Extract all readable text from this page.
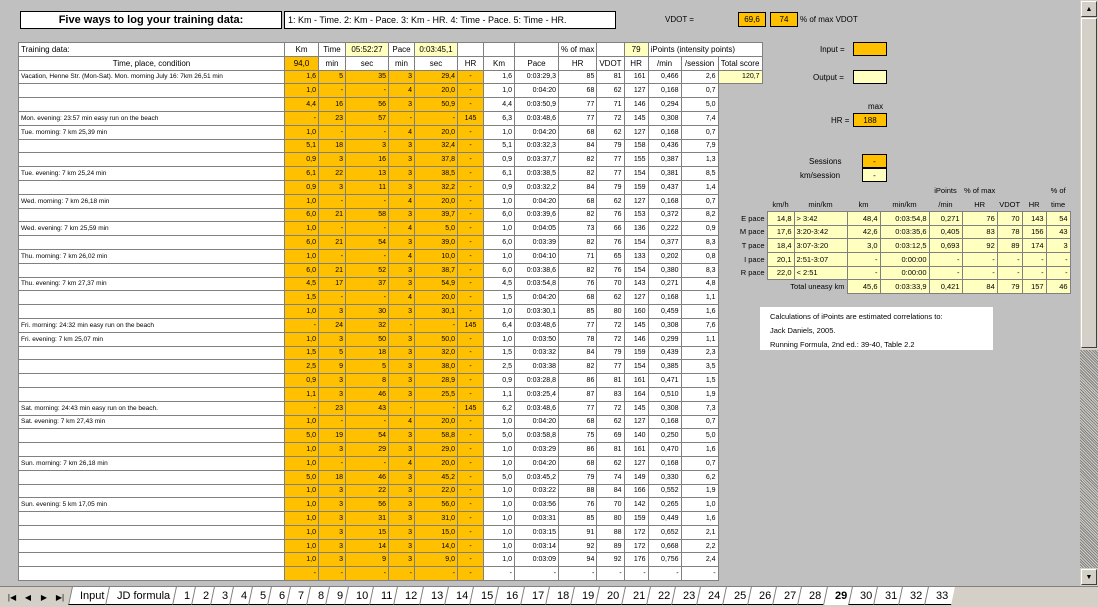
Five ways to log your training data:	1: Km - Time. 2: Km - Pace. 3: Km - HR. 4: Time - Pace. 5: Time - HR.	VDOT =	69,6	74	% of max VDOT
Training data:	Km	Time	05:52:27	Pace	0:03:45,1				% of max		79	iPoints (intensity points)		
Time, place, condition	94,0	min	sec	min	sec	HR	Km	Pace	HR	VDOT	HR	/min	/session	Total score
Vacation, Henne Str. (Mon-Sat). Mon. morning July 16: 7km 26,51 min	1,6	5	35	3	29,4	-	1,6	0:03:29,3	85	81	161	0,466	2,6	120,7
	1,0	-	-	4	20,0	-	1,0	0:04:20	68	62	127	0,168	0,7	
	4,4	16	56	3	50,9	-	4,4	0:03:50,9	77	71	146	0,294	5,0	
Mon. evening: 23:57 min easy run on the beach	-	23	57	-	-	145	6,3	0:03:48,6	77	72	145	0,308	7,4	
Tue. morning: 7 km 25,39 min	1,0	-	-	4	20,0	-	1,0	0:04:20	68	62	127	0,168	0,7	
	5,1	18	3	3	32,4	-	5,1	0:03:32,3	84	79	158	0,436	7,9	
	0,9	3	16	3	37,8	-	0,9	0:03:37,7	82	77	155	0,387	1,3	
Tue. evening: 7 km 25,24 min	6,1	22	13	3	38,5	-	6,1	0:03:38,5	82	77	154	0,381	8,5	
	0,9	3	11	3	32,2	-	0,9	0:03:32,2	84	79	159	0,437	1,4	
Wed. morning: 7 km 26,18 min	1,0	-	-	4	20,0	-	1,0	0:04:20	68	62	127	0,168	0,7	
	6,0	21	58	3	39,7	-	6,0	0:03:39,6	82	76	153	0,372	8,2	
Wed. evening: 7 km 25,59 min	1,0	-	-	4	5,0	-	1,0	0:04:05	73	66	136	0,222	0,9	
	6,0	21	54	3	39,0	-	6,0	0:03:39	82	76	154	0,377	8,3	
Thu. morning: 7 km 26,02 min	1,0	-	-	4	10,0	-	1,0	0:04:10	71	65	133	0,202	0,8	
	6,0	21	52	3	38,7	-	6,0	0:03:38,6	82	76	154	0,380	8,3	
Thu. evening: 7 km 27,37 min	4,5	17	37	3	54,9	-	4,5	0:03:54,8	76	70	143	0,271	4,8	
	1,5	-	-	4	20,0	-	1,5	0:04:20	68	62	127	0,168	1,1	
	1,0	3	30	3	30,1	-	1,0	0:03:30,1	85	80	160	0,459	1,6	
Fri. morning: 24:32 min easy run on the beach	-	24	32	-	-	145	6,4	0:03:48,6	77	72	145	0,308	7,6	
Fri. evening: 7 km 25,07 min	1,0	3	50	3	50,0	-	1,0	0:03:50	78	72	146	0,299	1,1	
	1,5	5	18	3	32,0	-	1,5	0:03:32	84	79	159	0,439	2,3	
	2,5	9	5	3	38,0	-	2,5	0:03:38	82	77	154	0,385	3,5	
	0,9	3	8	3	28,9	-	0,9	0:03:28,8	86	81	161	0,471	1,5	
	1,1	3	46	3	25,5	-	1,1	0:03:25,4	87	83	164	0,510	1,9	
Sat. morning: 24:43 min easy run on the beach.	-	23	43	-	-	145	6,2	0:03:48,6	77	72	145	0,308	7,3	
Sat. evening: 7 km 27,43 min	1,0	-	-	4	20,0	-	1,0	0:04:20	68	62	127	0,168	0,7	
	5,0	19	54	3	58,8	-	5,0	0:03:58,8	75	69	140	0,250	5,0	
	1,0	3	29	3	29,0	-	1,0	0:03:29	86	81	161	0,470	1,6	
Sun. morning: 7 km 26,18 min	1,0	-	-	4	20,0	-	1,0	0:04:20	68	62	127	0,168	0,7	
	5,0	18	46	3	45,2	-	5,0	0:03:45,2	79	74	149	0,330	6,2	
	1,0	3	22	3	22,0	-	1,0	0:03:22	88	84	166	0,552	1,9	
Sun. evening: 5 km 17,05 min	1,0	3	56	3	56,0	-	1,0	0:03:56	76	70	142	0,265	1,0	
	1,0	3	31	3	31,0	-	1,0	0:03:31	85	80	159	0,449	1,6	
	1,0	3	15	3	15,0	-	1,0	0:03:15	91	88	172	0,652	2,1	
	1,0	3	14	3	14,0	-	1,0	0:03:14	92	89	172	0,668	2,2	
	1,0	3	9	3	9,0	-	1,0	0:03:09	94	92	176	0,756	2,4	
	-	-	-	-	-	-	-	-	-	-	-	-	-	
Input =
Output =
max
HR =	188
Sessions	-
km/session	-
					iPoints	% of max			% of
	km/h	min/km	km	min/km	/min	HR	VDOT	HR	time
E pace	14,8	> 3:42	48,4	0:03:54,8	0,271	76	70	143	54
M pace	17,6	3:20-3:42	42,6	0:03:35,6	0,405	83	78	156	43
T pace	18,4	3:07-3:20	3,0	0:03:12,5	0,693	92	89	174	3
I pace	20,1	2:51-3:07	-	0:00:00	-	-	-	-	-
R pace	22,0	< 2:51	-	0:00:00	-	-	-	-	-
Total uneasy km			45,6	0:03:33,9	0,421	84	79	157	46
Calculations of iPoints are estimated correlations to:
Jack Daniels, 2005.
Running Formula, 2nd ed.: 39-40, Table 2.2
▲
▼
|◀	◀	▶	▶|	Input JD formula 1 2 3 4 5 6 7 8 9 10 11 12 13 14 15 16 17 18 19 20 21 22 23 24 25 26 27 28 29 30 31 32 33
